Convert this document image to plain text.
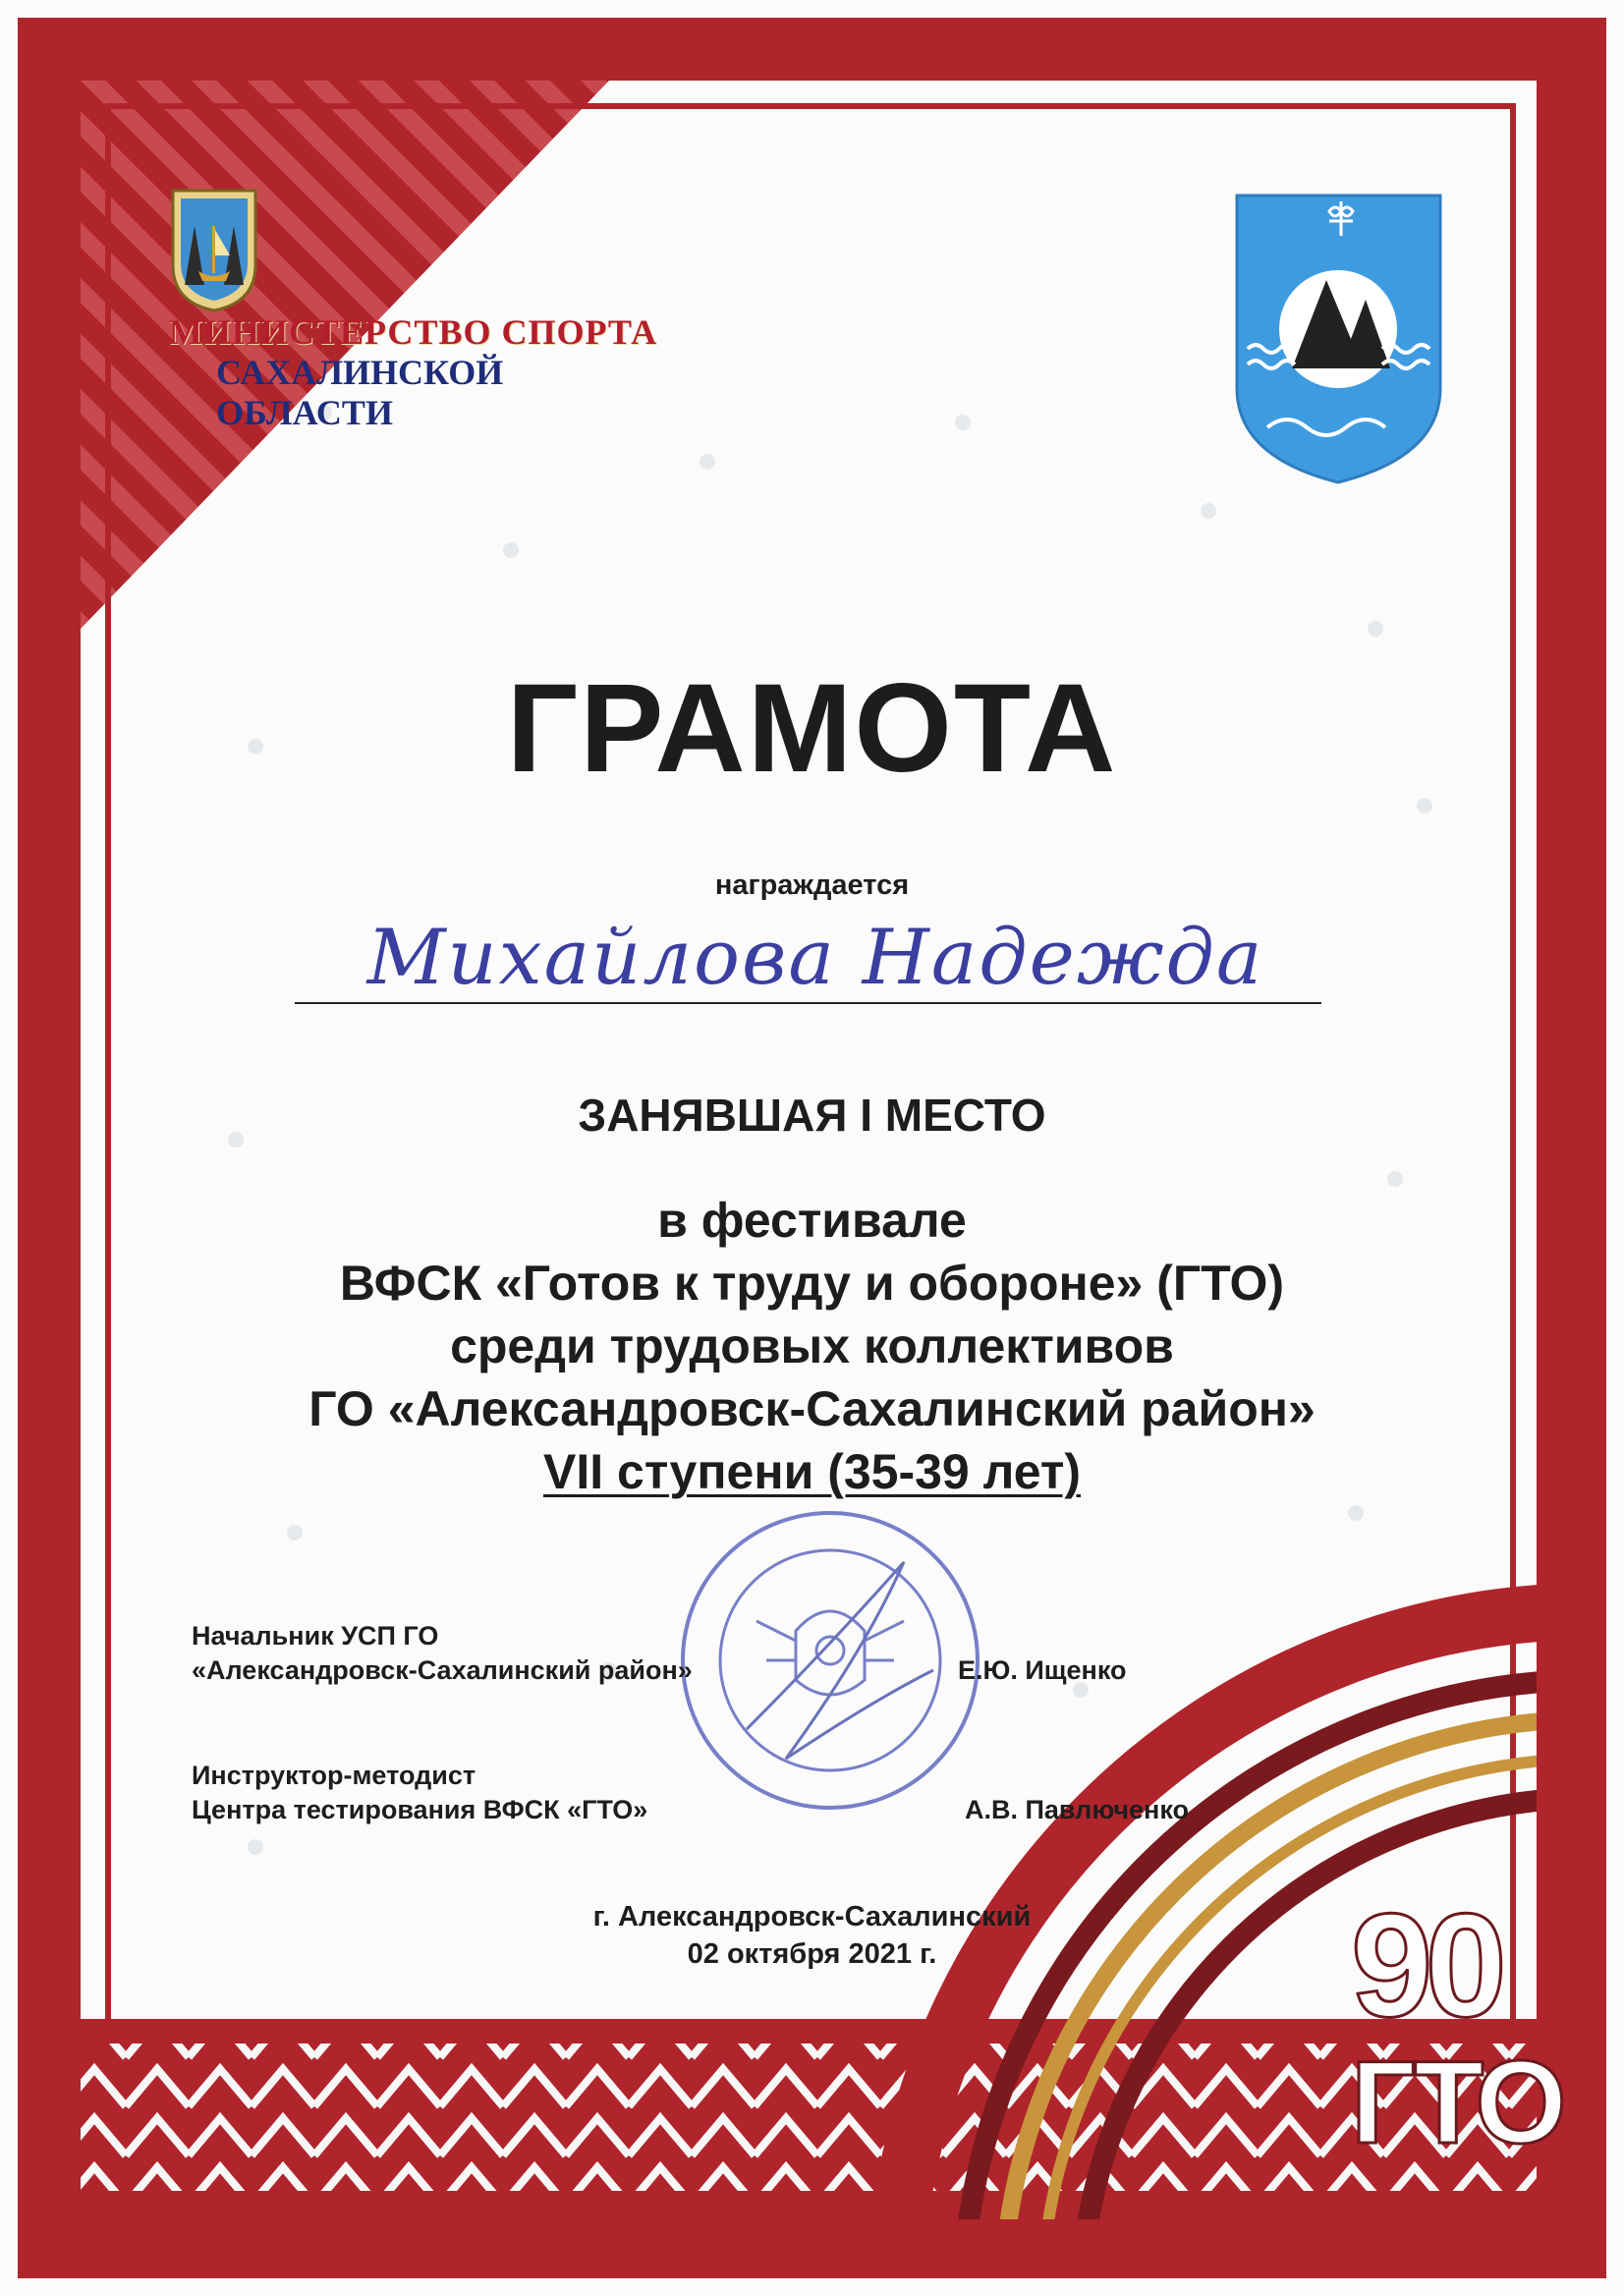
МИНИСТЕРСТВО СПОРТА
САХАЛИНСКОЙ
ОБЛАСТИ
ГРАМОТА
награждается
Михайлова Надежда
ЗАНЯВШАЯ I МЕСТО
в фестивале
ВФСК «Готов к труду и обороне» (ГТО)
среди трудовых коллективов
ГО «Александровск-Сахалинский район»
VII ступени (35-39 лет)
Начальник УСП ГО
«Александровск-Сахалинский район»	Е.Ю. Ищенко
Инструктор-методист
Центра тестирования ВФСК «ГТО»	А.В. Павлюченко
г. Александровск-Сахалинский
02 октября 2021 г.	90
ГТО
